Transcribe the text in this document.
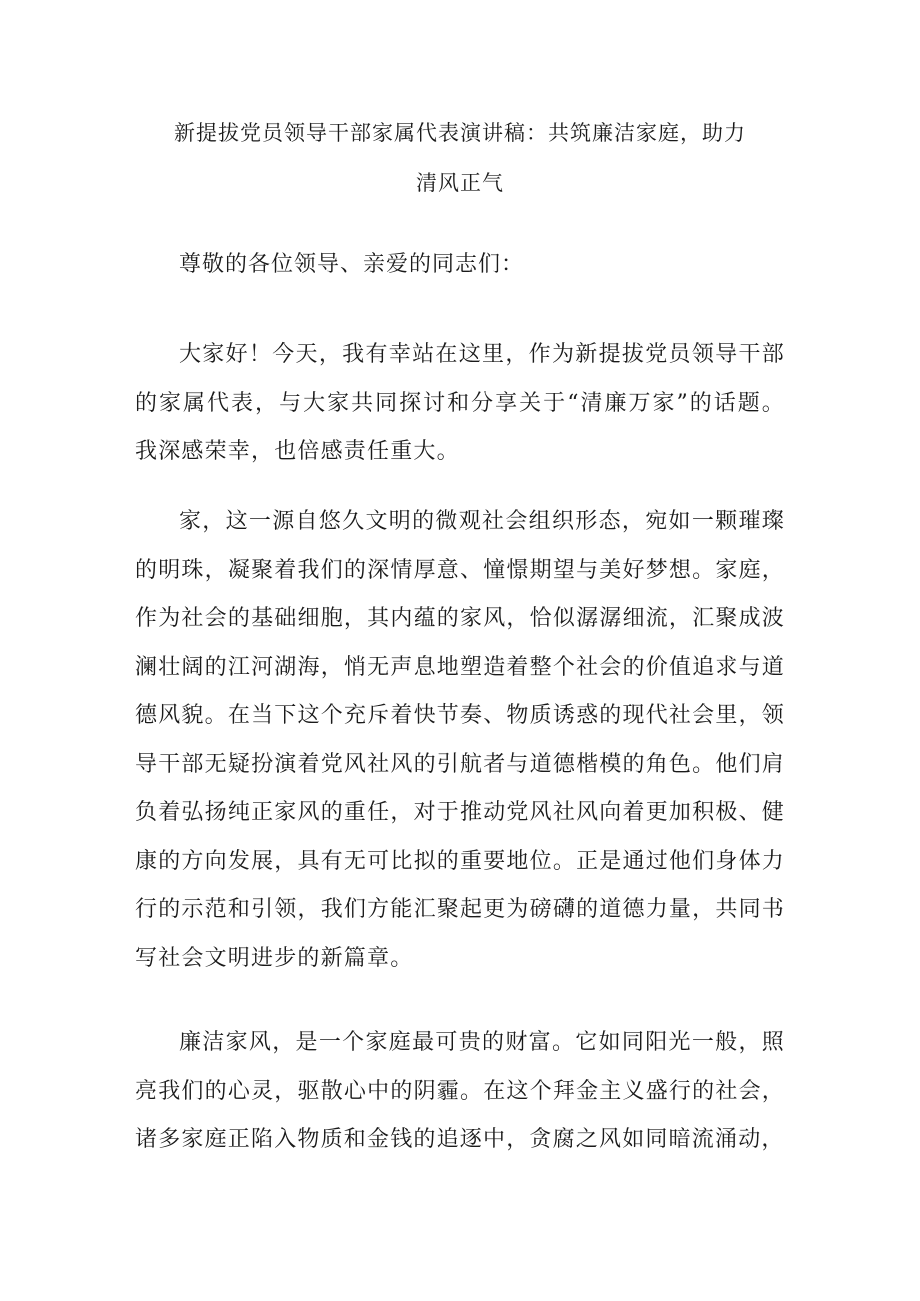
新提拔党员领导干部家属代表演讲稿：共筑廉洁家庭，助力
清风正气

尊敬的各位领导、亲爱的同志们：

大家好！今天，我有幸站在这里，作为新提拔党员领导干部的家属代表，与大家共同探讨和分享关于“清廉万家”的话题。我深感荣幸，也倍感责任重大。

家，这一源自悠久文明的微观社会组织形态，宛如一颗璀璨的明珠，凝聚着我们的深情厚意、憧憬期望与美好梦想。家庭，作为社会的基础细胞，其内蕴的家风，恰似潺潺细流，汇聚成波澜壮阔的江河湖海，悄无声息地塑造着整个社会的价值追求与道德风貌。在当下这个充斥着快节奏、物质诱惑的现代社会里，领导干部无疑扮演着党风社风的引航者与道德楷模的角色。他们肩负着弘扬纯正家风的重任，对于推动党风社风向着更加积极、健康的方向发展，具有无可比拟的重要地位。正是通过他们身体力行的示范和引领，我们方能汇聚起更为磅礴的道德力量，共同书写社会文明进步的新篇章。

廉洁家风，是一个家庭最可贵的财富。它如同阳光一般，照亮我们的心灵，驱散心中的阴霾。在这个拜金主义盛行的社会，诸多家庭正陷入物质和金钱的追逐中，贪腐之风如同暗流涌动，
